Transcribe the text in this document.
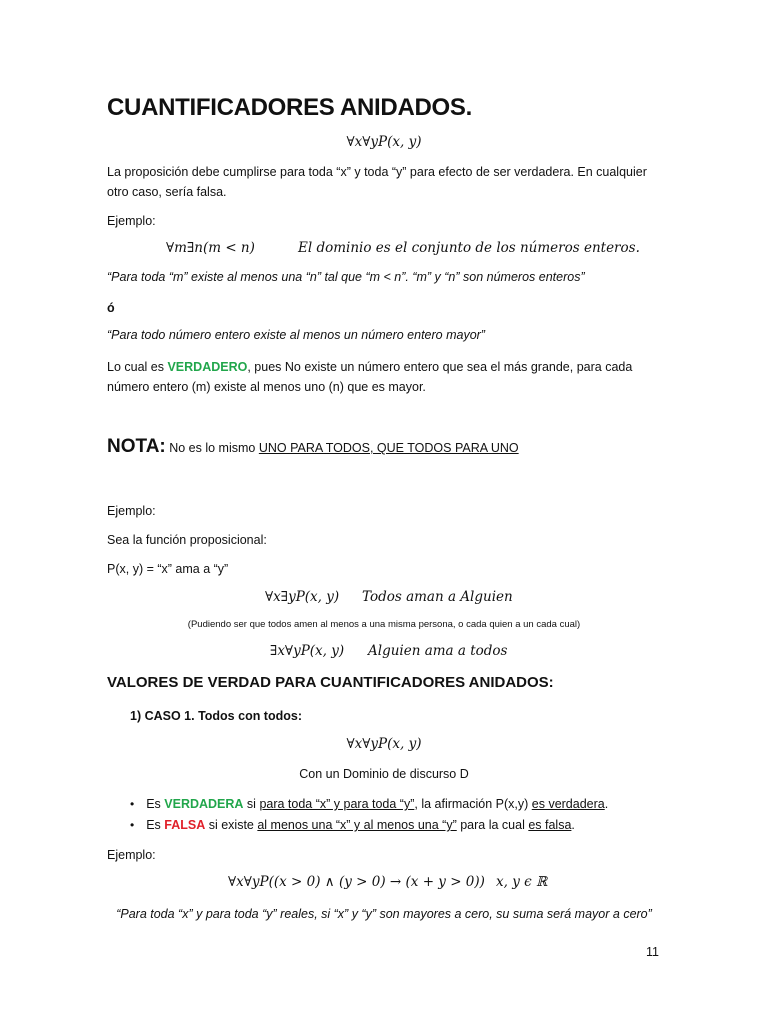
CUANTIFICADORES ANIDADOS.
∀x∀yP(x, y)
La proposición debe cumplirse para toda “x” y toda “y” para efecto de ser verdadera. En cualquier
otro caso, sería falsa.
Ejemplo:
∀m∃n(m < n)	El dominio es el conjunto de los números enteros.
“Para toda “m” existe al menos una “n” tal que “m < n”. “m” y “n” son números enteros”
ó
“Para todo número entero existe al menos un número entero mayor”
Lo cual es VERDADERO, pues No existe un número entero que sea el más grande, para cada
número entero (m) existe al menos uno (n) que es mayor.
NOTA: No es lo mismo UNO PARA TODOS, QUE TODOS PARA UNO
Ejemplo:
Sea la función proposicional:
P(x, y) = “x” ama a “y”
∀x∃yP(x, y) Todos aman a Alguien
(Pudiendo ser que todos amen al menos a una misma persona, o cada quien a un cada cual)
∃x∀yP(x, y) Alguien ama a todos
VALORES DE VERDAD PARA CUANTIFICADORES ANIDADOS:
1) CASO 1. Todos con todos:
∀x∀yP(x, y)
Con un Dominio de discurso D
• Es VERDADERA si para toda “x” y para toda “y”, la afirmación P(x,y) es verdadera.
• Es FALSA si existe al menos una “x” y al menos una “y” para la cual es falsa.
Ejemplo:
∀x∀yP((x > 0) ∧ (y > 0) → (x + y > 0)) x, y ϵ ℝ
“Para toda “x” y para toda “y” reales, si “x” y “y” son mayores a cero, su suma será mayor a cero”
11
